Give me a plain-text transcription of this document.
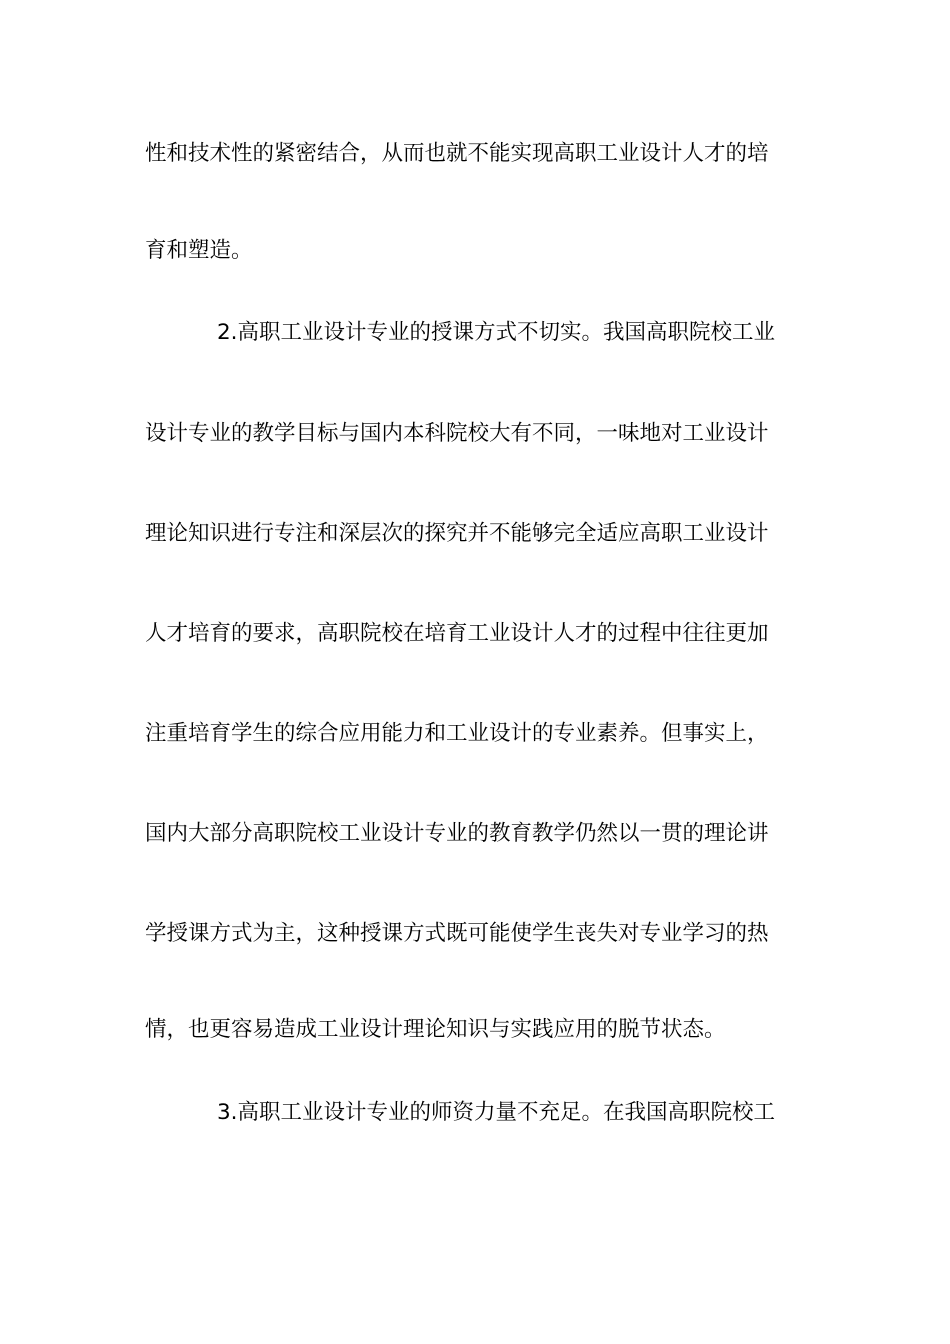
性和技术性的紧密结合，从而也就不能实现高职工业设计人才的培
育和塑造。
2.高职工业设计专业的授课方式不切实。我国高职院校工业
设计专业的教学目标与国内本科院校大有不同，一味地对工业设计
理论知识进行专注和深层次的探究并不能够完全适应高职工业设计
人才培育的要求，高职院校在培育工业设计人才的过程中往往更加
注重培育学生的综合应用能力和工业设计的专业素养。但事实上，
国内大部分高职院校工业设计专业的教育教学仍然以一贯的理论讲
学授课方式为主，这种授课方式既可能使学生丧失对专业学习的热
情，也更容易造成工业设计理论知识与实践应用的脱节状态。
3.高职工业设计专业的师资力量不充足。在我国高职院校工
